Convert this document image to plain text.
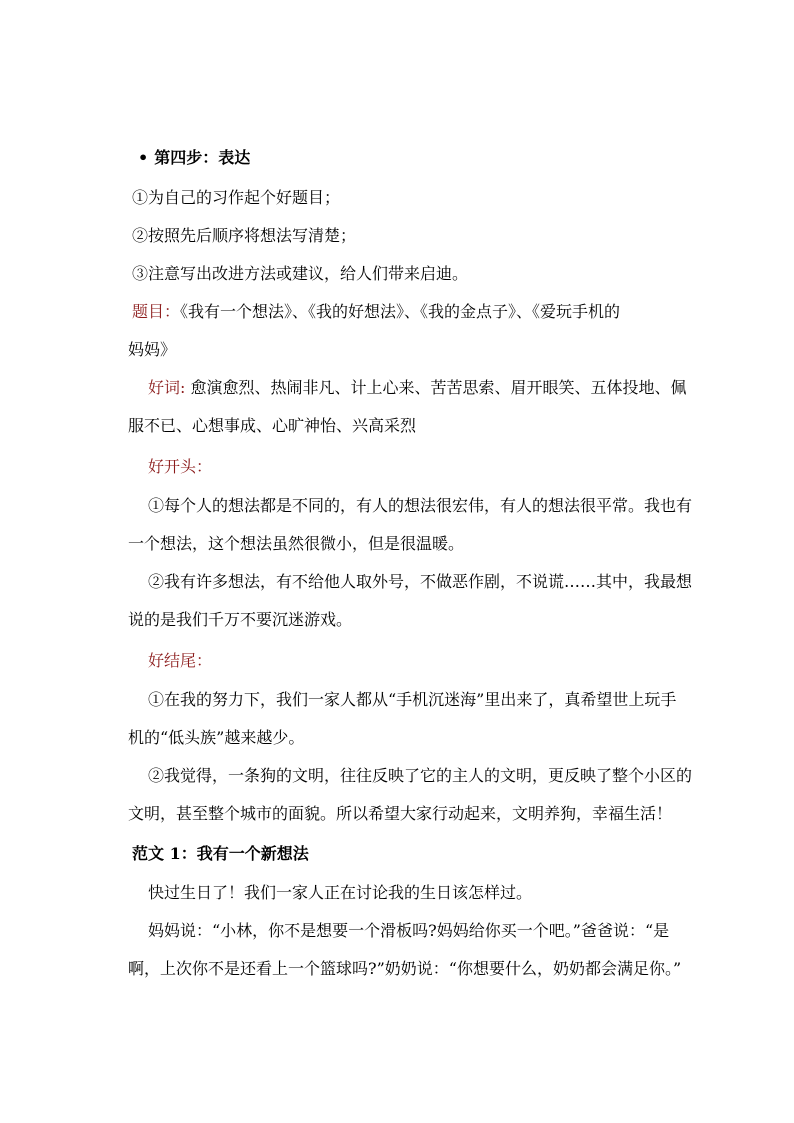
• 第四步：表达
①为自己的习作起个好题目；
②按照先后顺序将想法写清楚；
③注意写出改进方法或建议，给人们带来启迪。
题目：《我有一个想法》、《我的好想法》、《我的金点子》、《爱玩手机的
妈妈》
好词: 愈演愈烈、热闹非凡、计上心来、苦苦思索、眉开眼笑、五体投地、佩
服不已、心想事成、心旷神怡、兴高采烈
好开头：
①每个人的想法都是不同的，有人的想法很宏伟，有人的想法很平常。我也有
一个想法，这个想法虽然很微小，但是很温暖。
②我有许多想法，有不给他人取外号，不做恶作剧，不说谎……其中，我最想
说的是我们千万不要沉迷游戏。
好结尾：
①在我的努力下，我们一家人都从“手机沉迷海”里出来了，真希望世上玩手
机的“低头族”越来越少。
②我觉得，一条狗的文明，往往反映了它的主人的文明，更反映了整个小区的
文明，甚至整个城市的面貌。所以希望大家行动起来，文明养狗，幸福生活！
范文 1：我有一个新想法
快过生日了！我们一家人正在讨论我的生日该怎样过。
妈妈说：“小林，你不是想要一个滑板吗?妈妈给你买一个吧。”爸爸说：“是
啊，上次你不是还看上一个篮球吗?”奶奶说：“你想要什么，奶奶都会满足你。”
